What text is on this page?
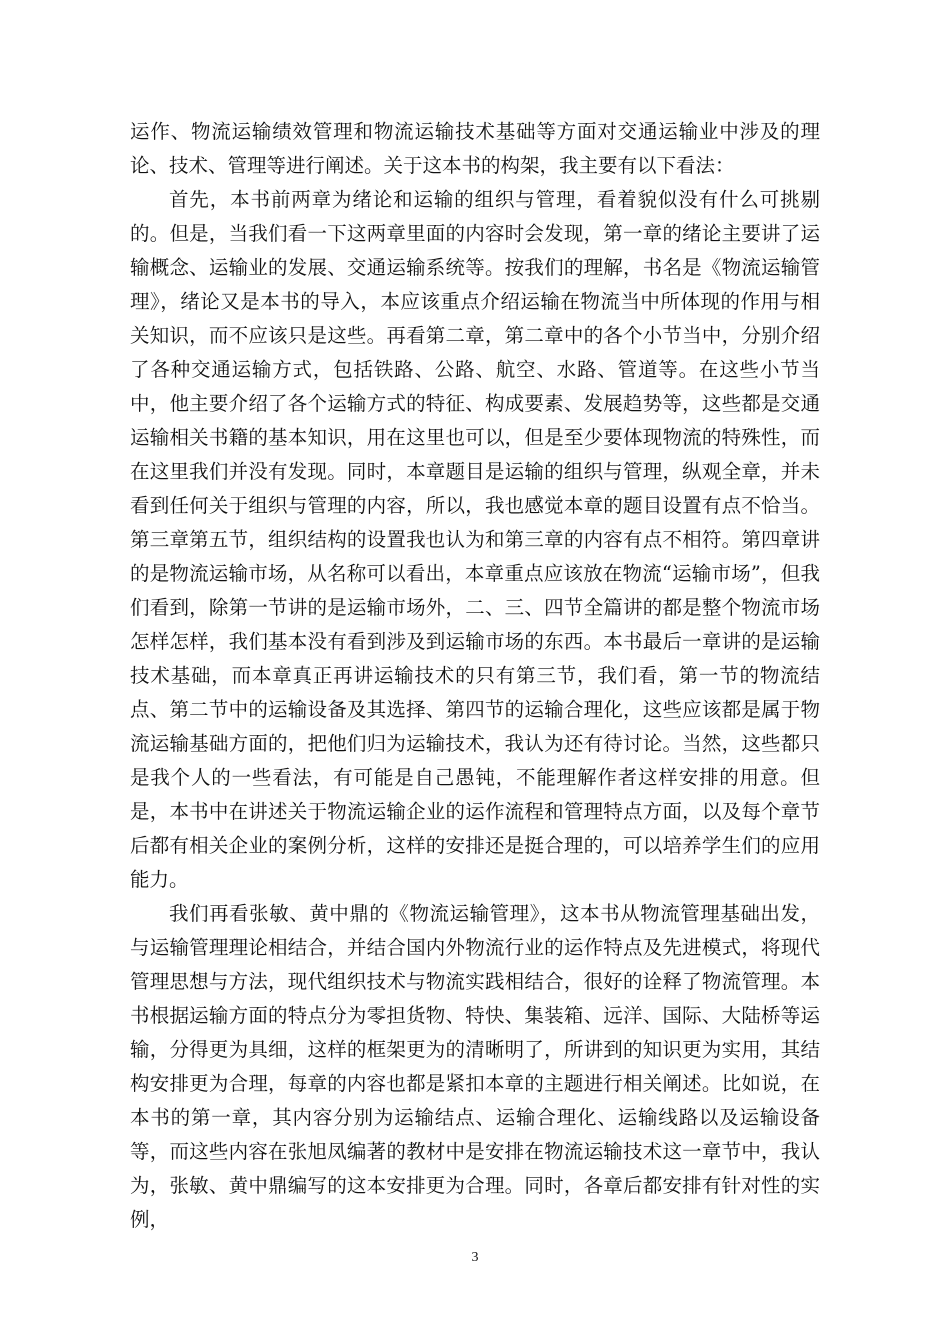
运作、物流运输绩效管理和物流运输技术基础等方面对交通运输业中涉及的理论、技术、管理等进行阐述。关于这本书的构架，我主要有以下看法：

首先，本书前两章为绪论和运输的组织与管理，看着貌似没有什么可挑剔的。但是，当我们看一下这两章里面的内容时会发现，第一章的绪论主要讲了运输概念、运输业的发展、交通运输系统等。按我们的理解，书名是《物流运输管理》，绪论又是本书的导入，本应该重点介绍运输在物流当中所体现的作用与相关知识，而不应该只是这些。再看第二章，第二章中的各个小节当中，分别介绍了各种交通运输方式，包括铁路、公路、航空、水路、管道等。在这些小节当中，他主要介绍了各个运输方式的特征、构成要素、发展趋势等，这些都是交通运输相关书籍的基本知识，用在这里也可以，但是至少要体现物流的特殊性，而在这里我们并没有发现。同时，本章题目是运输的组织与管理，纵观全章，并未看到任何关于组织与管理的内容，所以，我也感觉本章的题目设置有点不恰当。第三章第五节，组织结构的设置我也认为和第三章的内容有点不相符。第四章讲的是物流运输市场，从名称可以看出，本章重点应该放在物流“运输市场”，但我们看到，除第一节讲的是运输市场外，二、三、四节全篇讲的都是整个物流市场怎样怎样，我们基本没有看到涉及到运输市场的东西。本书最后一章讲的是运输技术基础，而本章真正再讲运输技术的只有第三节，我们看，第一节的物流结点、第二节中的运输设备及其选择、第四节的运输合理化，这些应该都是属于物流运输基础方面的，把他们归为运输技术，我认为还有待讨论。当然，这些都只是我个人的一些看法，有可能是自己愚钝，不能理解作者这样安排的用意。但是，本书中在讲述关于物流运输企业的运作流程和管理特点方面，以及每个章节后都有相关企业的案例分析，这样的安排还是挺合理的，可以培养学生们的应用能力。

我们再看张敏、黄中鼎的《物流运输管理》，这本书从物流管理基础出发，与运输管理理论相结合，并结合国内外物流行业的运作特点及先进模式，将现代管理思想与方法，现代组织技术与物流实践相结合，很好的诠释了物流管理。本书根据运输方面的特点分为零担货物、特快、集装箱、远洋、国际、大陆桥等运输，分得更为具细，这样的框架更为的清晰明了，所讲到的知识更为实用，其结构安排更为合理，每章的内容也都是紧扣本章的主题进行相关阐述。比如说，在本书的第一章，其内容分别为运输结点、运输合理化、运输线路以及运输设备等，而这些内容在张旭凤编著的教材中是安排在物流运输技术这一章节中，我认为，张敏、黄中鼎编写的这本安排更为合理。同时，各章后都安排有针对性的实例，

3
